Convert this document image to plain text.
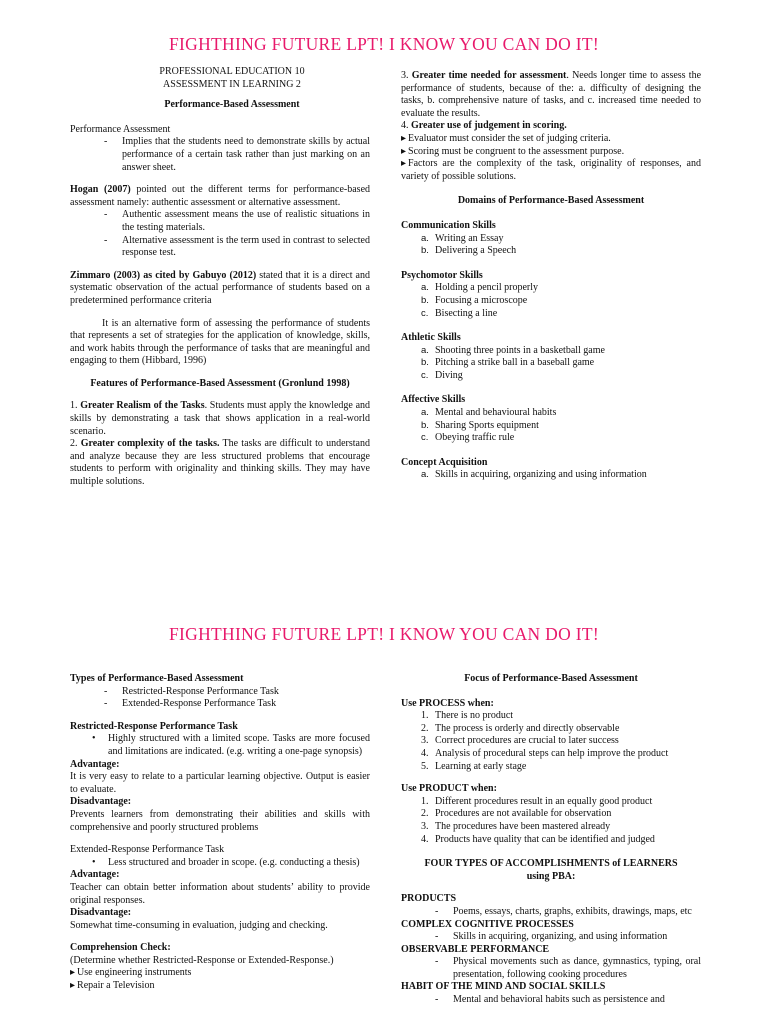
FIGHTHING FUTURE LPT! I KNOW YOU CAN DO IT!

PROFESSIONAL EDUCATION 10

ASSESSMENT IN LEARNING 2

Performance-Based Assessment

Performance Assessment

- Implies that the students need to demonstrate skills by actual performance of a certain task rather than just marking on an answer sheet.

Hogan (2007) pointed out the different terms for performance-based assessment namely: authentic assessment or alternative assessment.

- Authentic assessment means the use of realistic situations in the testing materials.
- Alternative assessment is the term used in contrast to selected response test.

Zimmaro (2003) as cited by Gabuyo (2012) stated that it is a direct and systematic observation of the actual performance of students based on a predetermined performance criteria

It is an alternative form of assessing the performance of students that represents a set of strategies for the application of knowledge, skills, and work habits through the performance of tasks that are meaningful and engaging to them (Hibbard, 1996)

Features of Performance-Based Assessment (Gronlund 1998)

1. Greater Realism of the Tasks. Students must apply the knowledge and skills by demonstrating a task that shows application in a real-world scenario.

2. Greater complexity of the tasks. The tasks are difficult to understand and analyze because they are less structured problems that encourage students to perform with originality and thinking skills. They may have multiple solutions.

3. Greater time needed for assessment. Needs longer time to assess the performance of students, because of the: a. difficulty of designing the tasks, b. comprehensive nature of tasks, and c. increased time needed to evaluate the results.

4. Greater use of judgement in scoring.

▸ Evaluator must consider the set of judging criteria.

▸ Scoring must be congruent to the assessment purpose.

▸ Factors are the complexity of the task, originality of responses, and variety of possible solutions.

Domains of Performance-Based Assessment

Communication Skills

a. Writing an Essay
b. Delivering a Speech

Psychomotor Skills

a. Holding a pencil properly
b. Focusing a microscope
c. Bisecting a line

Athletic Skills

a. Shooting three points in a basketball game
b. Pitching a strike ball in a baseball game
c. Diving

Affective Skills

a. Mental and behavioural habits
b. Sharing Sports equipment
c. Obeying traffic rule

Concept Acquisition

a. Skills in acquiring, organizing and using information
FIGHTHING FUTURE LPT! I KNOW YOU CAN DO IT!

Types of Performance-Based Assessment

- Restricted-Response Performance Task
- Extended-Response Performance Task

Restricted-Response Performance Task

• Highly structured with a limited scope. Tasks are more focused and limitations are indicated. (e.g. writing a one-page synopsis)

Advantage:

It is very easy to relate to a particular learning objective. Output is easier to evaluate.

Disadvantage:

Prevents learners from demonstrating their abilities and skills with comprehensive and poorly structured problems

Extended-Response Performance Task

• Less structured and broader in scope. (e.g. conducting a thesis)

Advantage:

Teacher can obtain better information about students’ ability to provide original responses.

Disadvantage:

Somewhat time-consuming in evaluation, judging and checking.

Comprehension Check:

(Determine whether Restricted-Response or Extended-Response.)

▸ Use engineering instruments

▸ Repair a Television

Focus of Performance-Based Assessment

Use PROCESS when:

1. There is no product
2. The process is orderly and directly observable
3. Correct procedures are crucial to later success
4. Analysis of procedural steps can help improve the product
5. Learning at early stage

Use PRODUCT when:

1. Different procedures result in an equally good product
2. Procedures are not available for observation
3. The procedures have been mastered already
4. Products have quality that can be identified and judged

FOUR TYPES OF ACCOMPLISHMENTS of LEARNERS

using PBA:

PRODUCTS

- Poems, essays, charts, graphs, exhibits, drawings, maps, etc

COMPLEX COGNITIVE PROCESSES

- Skills in acquiring, organizing, and using information

OBSERVABLE PERFORMANCE

- Physical movements such as dance, gymnastics, typing, oral presentation, following cooking procedures

HABIT OF THE MIND AND SOCIAL SKILLS

- Mental and behavioral habits such as persistence and
